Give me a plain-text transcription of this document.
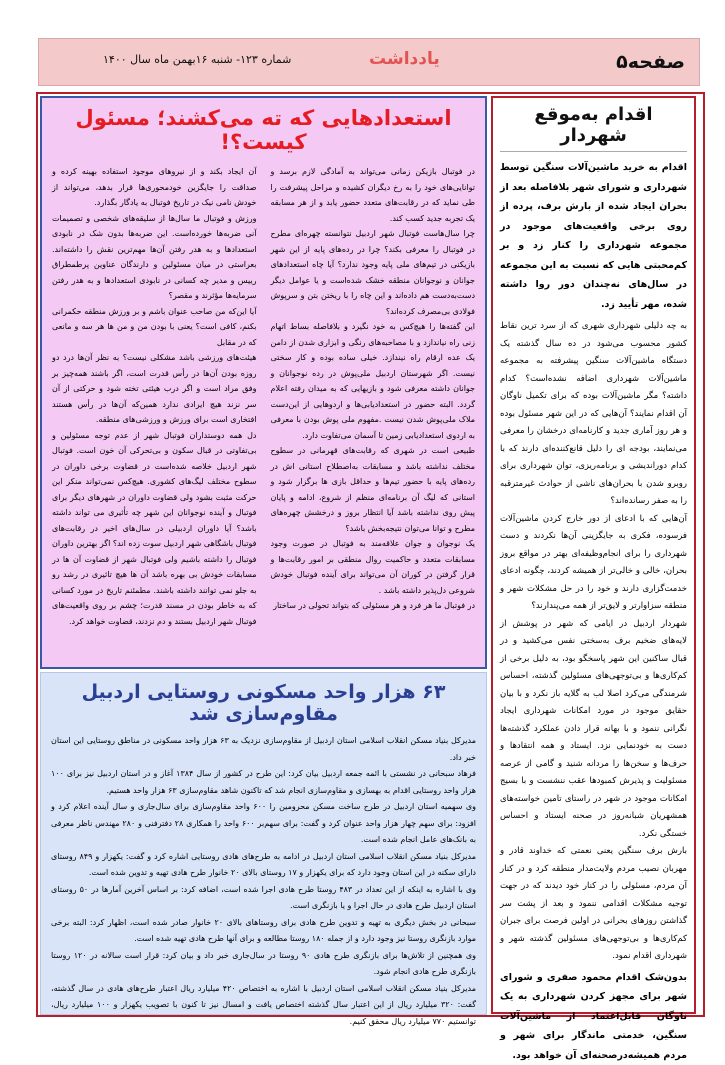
صفحه۵
یادداشت
شماره ۱۲۳- شنبه ۱۶بهمن ماه سال ۱۴۰۰
اقدام به‌موقع شهردار

اقدام به خرید ماشین‌آلات سنگین توسط شهرداری و شورای شهر بلافاصله بعد از بحران ایجاد شده از بارش برف، پرده از روی برخی واقعیت‌های موجود در مجموعه شهرداری را کنار زد و بر کم‌محبتی هایی که نسبت به این مجموعه در سال‌های نه‌چندان دور روا داشته شده، مهر تأیید زد.

به چه دلیلی شهرداری شهری که از سرد ترین نقاط کشور محسوب می‌شود در ده سال گذشته یک دستگاه ماشین‌آلات سنگین پیشرفته به مجموعه ماشین‌آلات شهرداری اضافه نشده‌است؟ کدام داشته؟ مگر ماشین‌آلات بوده که برای تکمیل ناوگان آن اقدام نمایند؟ آن‌هایی که در این شهر مسئول بوده و هر روز آماری جدید و کارنامه‌ای درخشان را معرفی می‌نمایند، بودجه ای را دلیل قانع‌کننده‌ای دارند که با کدام دوراندیشی و برنامه‌ریزی، توان شهرداری برای روبرو شدن با بحران‌های ناشی از حوادث غیرمترقبه را به صفر رسانده‌اند؟

آن‌هایی که با ادعای از دور خارج کردن ماشین‌آلات فرسوده، فکری به جایگزینی آن‌ها نکردند و دست شهرداری را برای انجام‌وظیفه‌ای بهتر در مواقع بروز بحران، خالی و خالی‌تر از همیشه کردند، چگونه ادعای خدمت‌گزاری دارند و خود را در حل مشکلات شهر و منطقه سزاوارتر و لایق‌تر از همه می‌پندارند؟

شهردار اردبیل در ایامی که شهر در پوشش از لایه‌های ضخیم برف به‌سختی نفس می‌کشید و در قبال ساکنین این شهر پاسخگو بود، به دلیل برخی از کم‌کاری‌ها و بی‌توجهی‌های مسئولین گذشته، احساس شرمندگی می‌کرد اصلا لب به گلایه باز نکرد و با بیان حقایق موجود در مورد امکانات شهرداری ایجاد نگرانی ننمود و با بهانه قرار دادن عملکرد گذشته‌ها دست به خودنمایی نزد. ایستاد و همه انتقادها و حرف‌ها و سخن‌ها را مردانه شنید و گامی از عرصه مسئولیت و پذیرش کمبودها عقب ننشست و با بسیج امکانات موجود در شهر در راستای تامین خواسته‌های همشهریان شبانه‌روز در صحنه ایستاد و احساس خستگی نکرد.

بارش برف سنگین یعنی نعمتی که خداوند قادر و مهربان نصیب مردم ولایت‌مدار منطقه کرد و در کنار آن مردم، مسئولی را در کنار خود دیدند که در جهت توجیه مشکلات اقدامی ننمود و بعد از پشت سر گذاشتن روزهای بحرانی در اولین فرصت برای جبران کم‌کاری‌ها و بی‌توجهی‌های مسئولین گذشته شهر و شهرداری اقدام نمود.

بدون‌شک اقدام محمود صفری و شورای شهر برای مجهز کردن شهرداری به یک ناوگان قابل‌اعتماد از ماشین‌آلات سنگین، خدمتی ماندگار برای شهر و مردم همیشه‌درصحنه‌ای آن خواهد بود.

استعدادهایی که ته می‌کشند؛ مسئول کیست؟!

در فوتبال بازیکن زمانی می‌تواند به آمادگی لازم برسد و توانایی‌های خود را به رخ دیگران کشیده و مراحل پیشرفت را طی نماید که در رقابت‌های متعدد حضور یابد و از هر مسابقه یک تجربه جدید کسب کند.

چرا سال‌هاست فوتبال شهر اردبیل نتوانسته چهره‌ای مطرح در فوتبال را معرفی بکند؟ چرا در رده‌های پایه از این شهر بازیکنی در تیم‌های ملی پایه وجود ندارد؟ آیا چاه استعدادهای جوانان و نوجوانان منطقه خشک شده‌است و یا عوامل دیگر دست‌به‌دست هم داده‌اند و این چاه را با ریختن بتن و سرپوش فولادی بی‌مصرف کرده‌اند؟

این گفته‌ها را هیچ‌کس به خود نگیرد و بلافاصله بساط اتهام زنی راه نیاندازد و با مصاحبه‌های رنگی و ابزاری شدن از دامن یک عده ارقام راه نیندازد. خیلی ساده بوده و کار سختی نیست. اگر شهرستان اردبیل ملی‌پوش در رده نوجوانان و جوانان داشته معرفی شود و بازیهایی که به میدان رفته اعلام گردد. البته حضور در استعدادیابی‌ها و اردوهایی از این‌دست ملاک ملی‌پوش شدن نیست .مفهوم ملی پوش بودن با معرفی به اردوی استعدادیابی زمین تا آسمان می‌تفاوت دارد.

طبیعی است در شهری که رقابت‌های قهرمانی در سطوح مختلف نداشته باشد و مسابقات به‌اصطلاح استانی اش در رده‌های پایه با حضور تیم‌ها و حداقل بازی ها برگزار شود و استانی که لیگ آن برنامه‌ای منظم از شروع، ادامه و پایان پیش روی نداشته باشد آیا انتظار بروز و درخشش چهره‌های مطرح و توانا می‌توان نتیجه‌بخش باشد؟

یک نوجوان و جوان علاقه‌مند به فوتبال در صورت وجود مسابقات متعدد و حاکمیت روال منطقی بر امور رقابت‌ها و قرار گرفتن در کوران آن می‌تواند برای آینده فوتبال خودش شروعی دل‌پذیر داشته باشد .

در فوتبال ما هر فرد و هر مسئولی که بتواند تحولی در ساختار

آن ایجاد بکند و از نیروهای موجود استفاده بهینه کرده و صداقت را جایگزین خودمحوری‌ها قرار بدهد، می‌تواند از خودش نامی نیک در تاریخ فوتبال به یادگار بگذارد.

ورزش و فوتبال ما سال‌ها از سلیقه‌های شخصی و تصمیمات آنی ضربه‌ها خورده‌است. این ضربه‌ها بدون شک در نابودی استعدادها و به هدر رفتن آن‌ها مهم‌ترین نقش را داشته‌اند. بعراستی در میان مسئولین و دارندگان عناوین پرطمطراق رییس و مدیر چه کسانی در نابودی استعدادها و به هدر رفتن سرمایه‌ها مؤثرند و مقصر؟

آیا این‌که من صاحب عنوان باشم و بر ورزش منطقه حکمرانی بکنم، کافی است؟ یعنی با بودن من و من ها هر سه و مانعی که در مقابل

هیئت‌های ورزشی باشد مشکلی نیست؟ به نظر آن‌ها درد دو روزه بودن آن‌ها در رأس قدرت است، اگر باشند همه‌چیز بر وفق مراد است و اگر درب هیئتی تخته شود و حرکتی از آن سر نزند هیچ ایرادی ندارد همین‌که آن‌ها در رأس هستند افتخاری است برای ورزش و ورزشی‌های منطقه.

دل همه دوستداران فوتبال شهر از عدم توجه مسئولین و بی‌تفاوتی در قبال سکون و بی‌تحرکی آن خون است. فوتبال شهر اردبیل خلاصه شده‌است در قضاوت برخی داوران در سطوح مختلف لیگ‌های کشوری. هیچ‌کس نمی‌تواند منکر این حرکت مثبت بشود ولی قضاوت داوران در شهرهای دیگر برای فوتبال و آینده نوجوانان این شهر چه تأثیری می تواند داشته باشد؟ آیا داوران اردبیلی در سال‌های اخیر در رقابت‌های فوتبال باشگاهی شهر اردبیل سوت زده اند؟ اگر بهترین داوران فوتبال را داشته باشیم ولی فوتبال شهر از قضاوت آن ها در مسابقات خودش بی بهره باشد آن ها هیچ تاثیری در رشد رو به جلو نمی توانند داشته باشند. مطمئنم تاریخ در مورد کسانی که به خاطر بودن در مسند قدرت؛ چشم بر روی واقعیت‌های فوتبال شهر اردبیل بستند و دم نزدند، قضاوت خواهد کرد.

۶۳ هزار واحد مسکونی روستایی اردبیل مقاوم‌سازی شد

مدیرکل بنیاد مسکن انقلاب اسلامی استان اردبیل از مقاوم‌سازی نزدیک به ۶۳ هزار واحد مسکونی در مناطق روستایی این استان خبر داد.

فرهاد سبحانی در نشستی با ائمه جمعه اردبیل بیان کرد: این طرح در کشور از سال ۱۳۸۴ آغاز و در استان اردبیل نیز برای ۱۰۰ هزار واحد روستایی اقدام به بهسازی و مقاوم‌سازی انجام شد که تاکنون شاهد مقاوم‌سازی ۶۳ هزار واحد هستیم.

وی سهمیه استان اردبیل در طرح ساخت مسکن محرومین را ۶۰۰ واحد مقاوم‌سازی برای سال‌جاری و سال آینده اعلام کرد و افزود: برای سهم چهار هزار واحد عنوان کرد و گفت: برای سهم‌بر ۶۰۰ واحد را همکاری ۲۸ دفترفنی و ۲۸۰ مهندس ناظر معرفی به بانک‌های عامل انجام شده است.

مدیرکل بنیاد مسکن انقلاب اسلامی استان اردبیل در ادامه به طرح‌های هادی روستایی اشاره کرد و گفت: یکهزار و ۸۴۹ روستای دارای سکنه در این استان وجود دارد که برای یکهزار و ۱۷ روستای بالای ۲۰ خانوار طرح هادی تهیه و تدوین شده است.

وی با اشاره به اینکه از این تعداد در ۴۸۳ روستا طرح هادی اجرا شده است، اضافه کرد: بر اساس آخرین آمارها در ۵۰ روستای استان اردبیل طرح هادی در حال اجرا و یا بازنگری است.

سبحانی در بخش دیگری به تهیه و تدوین طرح هادی برای روستاهای بالای ۲۰ خانوار صادر شده است، اظهار کرد: البته برخی موارد بازنگری روستا نیز وجود دارد و از جمله ۱۸۰ روستا مطالعه و برای آنها طرح هادی تهیه شده است.

وی همچنین از تلاش‌ها برای بازنگری طرح هادی ۹۰ روستا در سال‌جاری خبر داد و بیان کرد: قرار است سالانه در ۱۲۰ روستا بازنگری طرح هادی انجام شود.

مدیرکل بنیاد مسکن انقلاب اسلامی استان اردبیل با اشاره به اختصاص ۴۲۰ میلیارد ریال اعتبار طرح‌های هادی در سال گذشته، گفت: ۳۲۰ میلیارد ریال از این اعتبار سال گذشته اختصاص یافت و امسال نیز تا کنون با تصویب یکهزار و ۱۰۰ میلیارد ریال، توانستیم ۷۷۰ میلیارد ریال محقق کنیم.
